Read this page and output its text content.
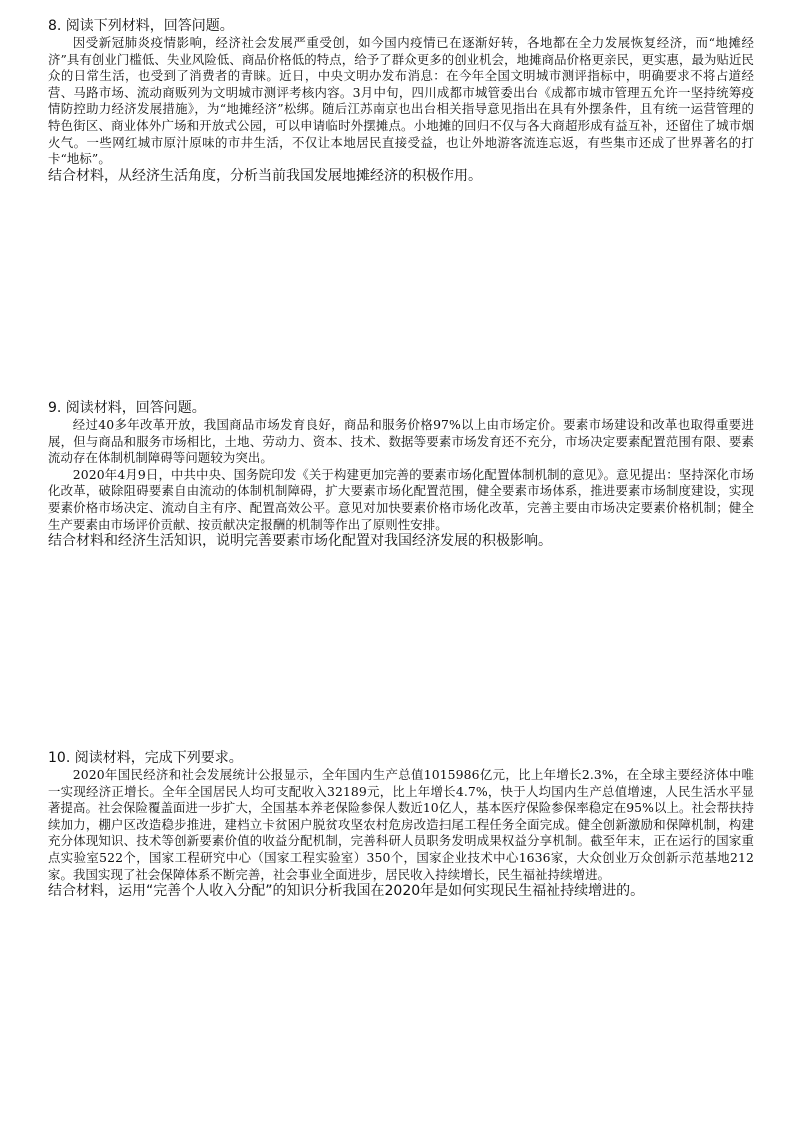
8. 阅读下列材料，回答问题。

因受新冠肺炎疫情影响，经济社会发展严重受创，如今国内疫情已在逐渐好转，各地都在全力发展恢复经济，而“地摊经济”具有创业门槛低、失业风险低、商品价格低的特点，给予了群众更多的创业机会，地摊商品价格更亲民，更实惠，最为贴近民众的日常生活，也受到了消费者的青睐。近日，中央文明办发布消息：在今年全国文明城市测评指标中，明确要求不将占道经营、马路市场、流动商贩列为文明城市测评考核内容。3月中旬，四川成都市城管委出台《成都市城市管理五允许一坚持统筹疫情防控助力经济发展措施》，为“地摊经济”松绑。随后江苏南京也出台相关指导意见指出在具有外摆条件，且有统一运营管理的特色街区、商业体外广场和开放式公园，可以申请临时外摆摊点。小地摊的回归不仅与各大商超形成有益互补，还留住了城市烟火气。一些网红城市原汁原味的市井生活，不仅让本地居民直接受益，也让外地游客流连忘返，有些集市还成了世界著名的打卡“地标”。

结合材料，从经济生活角度，分析当前我国发展地摊经济的积极作用。

9. 阅读材料，回答问题。

经过40多年改革开放，我国商品市场发育良好，商品和服务价格97%以上由市场定价。要素市场建设和改革也取得重要进展，但与商品和服务市场相比，土地、劳动力、资本、技术、数据等要素市场发育还不充分，市场决定要素配置范围有限、要素流动存在体制机制障碍等问题较为突出。

2020年4月9日，中共中央、国务院印发《关于构建更加完善的要素市场化配置体制机制的意见》。意见提出：坚持深化市场化改革，破除阻碍要素自由流动的体制机制障碍，扩大要素市场化配置范围，健全要素市场体系，推进要素市场制度建设，实现要素价格市场决定、流动自主有序、配置高效公平。意见对加快要素价格市场化改革，完善主要由市场决定要素价格机制；健全生产要素由市场评价贡献、按贡献决定报酬的机制等作出了原则性安排。

结合材料和经济生活知识，说明完善要素市场化配置对我国经济发展的积极影响。

10. 阅读材料，完成下列要求。

2020年国民经济和社会发展统计公报显示，全年国内生产总值1015986亿元，比上年增长2.3%，在全球主要经济体中唯一实现经济正增长。全年全国居民人均可支配收入32189元，比上年增长4.7%，快于人均国内生产总值增速，人民生活水平显著提高。社会保险覆盖面进一步扩大，全国基本养老保险参保人数近10亿人，基本医疗保险参保率稳定在95%以上。社会帮扶持续加力，棚户区改造稳步推进，建档立卡贫困户脱贫攻坚农村危房改造扫尾工程任务全面完成。健全创新激励和保障机制，构建充分体现知识、技术等创新要素价值的收益分配机制，完善科研人员职务发明成果权益分享机制。截至年末，正在运行的国家重点实验室522个，国家工程研究中心（国家工程实验室）350个，国家企业技术中心1636家，大众创业万众创新示范基地212家。我国实现了社会保障体系不断完善，社会事业全面进步，居民收入持续增长，民生福祉持续增进。

结合材料，运用“完善个人收入分配”的知识分析我国在2020年是如何实现民生福祉持续增进的。
